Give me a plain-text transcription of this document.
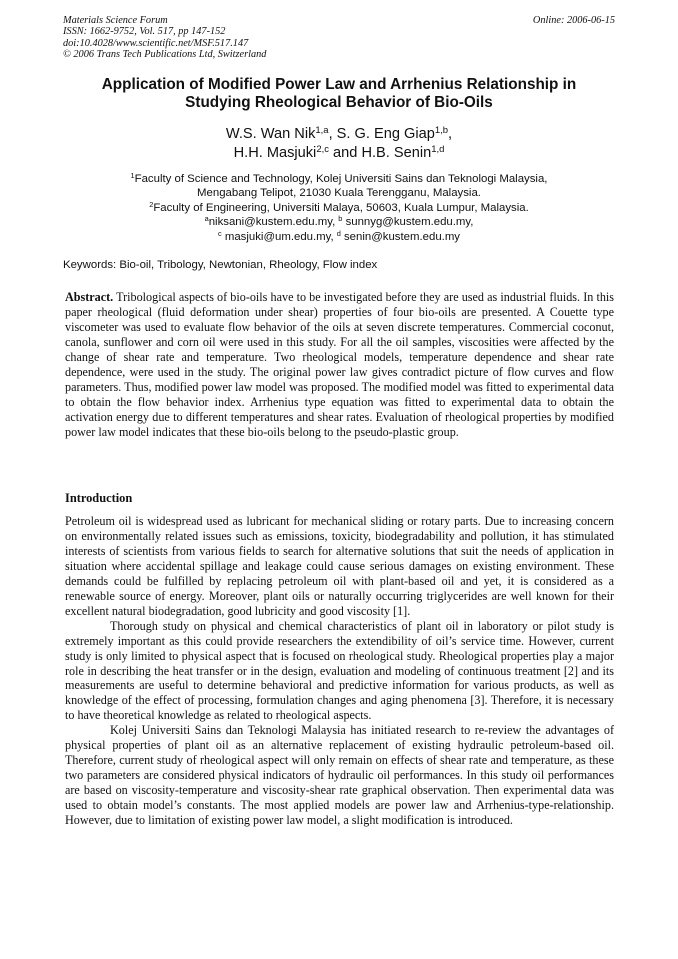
Materials Science Forum
ISSN: 1662-9752, Vol. 517, pp 147-152
doi:10.4028/www.scientific.net/MSF.517.147
© 2006 Trans Tech Publications Ltd, Switzerland
Online: 2006-06-15
Application of Modified Power Law and Arrhenius Relationship in
Studying Rheological Behavior of Bio-Oils
W.S. Wan Nik$^{1,a}$, S. G. Eng Giap$^{1,b}$,
H.H. Masjuki$^{2,c}$ and H.B. Senin$^{1,d}$
$^1$Faculty of Science and Technology, Kolej Universiti Sains dan Teknologi Malaysia,
Mengabang Telipot, 21030 Kuala Terengganu, Malaysia.
$^2$Faculty of Engineering, Universiti Malaya, 50603, Kuala Lumpur, Malaysia.
$^a$niksani@kustem.edu.my, $^b$ sunnyg@kustem.edu.my,
$^c$ masjuki@um.edu.my, $^d$ senin@kustem.edu.my
Keywords: Bio-oil, Tribology, Newtonian, Rheology, Flow index
Abstract. Tribological aspects of bio-oils have to be investigated before they are used as industrial fluids. In this paper rheological (fluid deformation under shear) properties of four bio-oils are presented. A Couette type viscometer was used to evaluate flow behavior of the oils at seven discrete temperatures. Commercial coconut, canola, sunflower and corn oil were used in this study. For all the oil samples, viscosities were affected by the change of shear rate and temperature. Two rheological models, temperature dependence and shear rate dependence, were used in the study. The original power law gives contradict picture of flow curves and flow parameters. Thus, modified power law model was proposed. The modified model was fitted to experimental data to obtain the flow behavior index. Arrhenius type equation was fitted to experimental data to obtain the activation energy due to different temperatures and shear rates. Evaluation of rheological properties by modified power law model indicates that these bio-oils belong to the pseudo-plastic group.
Introduction

Petroleum oil is widespread used as lubricant for mechanical sliding or rotary parts. Due to increasing concern on environmentally related issues such as emissions, toxicity, biodegradability and pollution, it has stimulated interests of scientists from various fields to search for alternative solutions that suit the needs of application in situation where accidental spillage and leakage could cause serious damages on existing environment. These demands could be fulfilled by replacing petroleum oil with plant-based oil and yet, it is considered as a renewable source of energy. Moreover, plant oils or naturally occurring triglycerides are well known for their excellent natural biodegradation, good lubricity and good viscosity [1].

Thorough study on physical and chemical characteristics of plant oil in laboratory or pilot study is extremely important as this could provide researchers the extendibility of oil’s service time. However, current study is only limited to physical aspect that is focused on rheological study. Rheological properties play a major role in describing the heat transfer or in the design, evaluation and modeling of continuous treatment [2] and its measurements are useful to determine behavioral and predictive information for various products, as well as knowledge of the effect of processing, formulation changes and aging phenomena [3]. Therefore, it is necessary to have theoretical knowledge as related to rheological aspects.

Kolej Universiti Sains dan Teknologi Malaysia has initiated research to re-review the advantages of physical properties of plant oil as an alternative replacement of existing hydraulic petroleum-based oil. Therefore, current study of rheological aspect will only remain on effects of shear rate and temperature, as these two parameters are considered physical indicators of hydraulic oil performances. In this study oil performances are based on viscosity-temperature and viscosity-shear rate graphical observation. Then experimental data was used to obtain model’s constants. The most applied models are power law and Arrhenius-type-relationship. However, due to limitation of existing power law model, a slight modification is introduced.
